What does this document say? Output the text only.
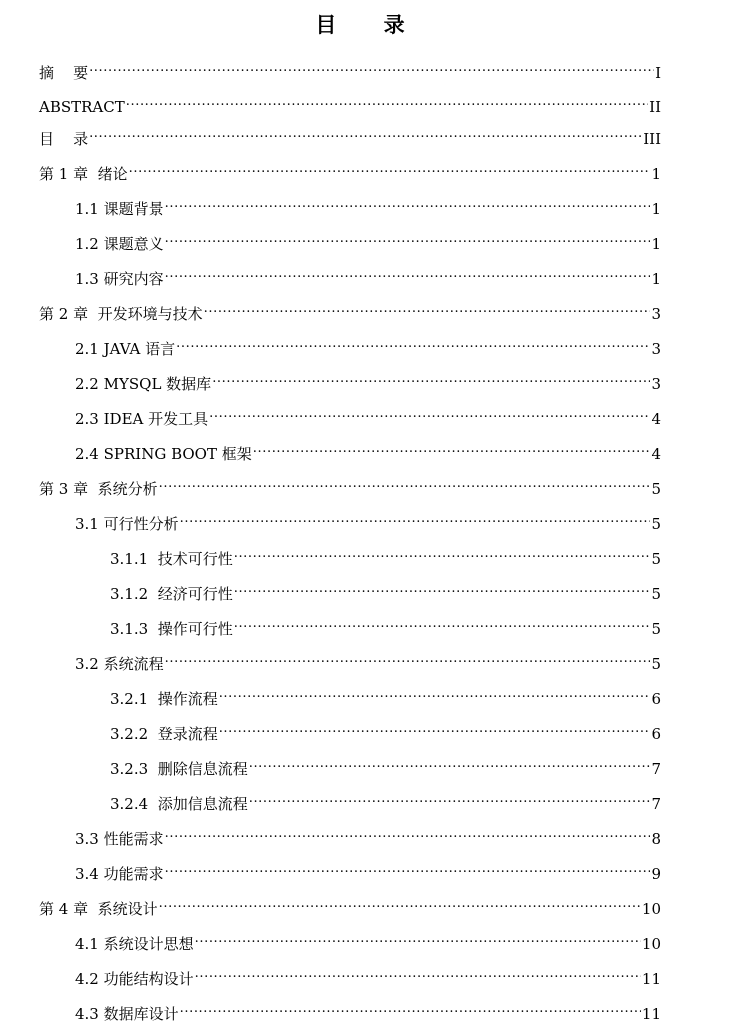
目 录
摘    要 .....	I
ABSTRACT .....	II
目    录 .....	III
第 1 章  绪论 .....	1
1.1 课题背景 .....	1
1.2 课题意义 .....	1
1.3 研究内容 .....	1
第 2 章  开发环境与技术 .....	3
2.1 JAVA 语言 .....	3
2.2 MYSQL 数据库 .....	3
2.3 IDEA 开发工具 .....	4
2.4 SPRING BOOT 框架 .....	4
第 3 章  系统分析 .....	5
3.1 可行性分析 .....	5
3.1.1  技术可行性 .....	5
3.1.2  经济可行性 .....	5
3.1.3  操作可行性 .....	5
3.2 系统流程 .....	5
3.2.1  操作流程 .....	6
3.2.2  登录流程 .....	6
3.2.3  删除信息流程 .....	7
3.2.4  添加信息流程 .....	7
3.3 性能需求 .....	8
3.4 功能需求 .....	9
第 4 章  系统设计 .....	10
4.1 系统设计思想 .....	10
4.2 功能结构设计 .....	11
4.3 数据库设计 .....	11
